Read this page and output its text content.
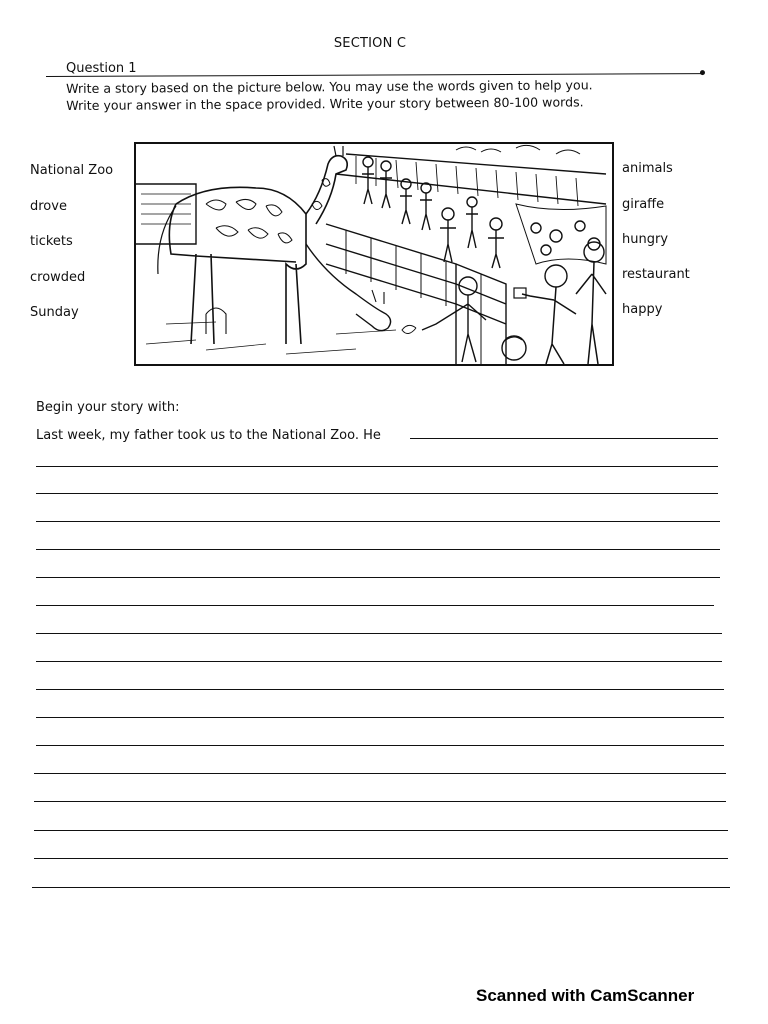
SECTION C
Question 1
Write a story based on the picture below. You may use the words given to help you.
Write your answer in the space provided. Write your story between 80-100 words.
National Zoo
drove
tickets
crowded
Sunday
animals
giraffe
hungry
restaurant
happy
Begin your story with:
Last week, my father took us to the National Zoo. He
Scanned with CamScanner
